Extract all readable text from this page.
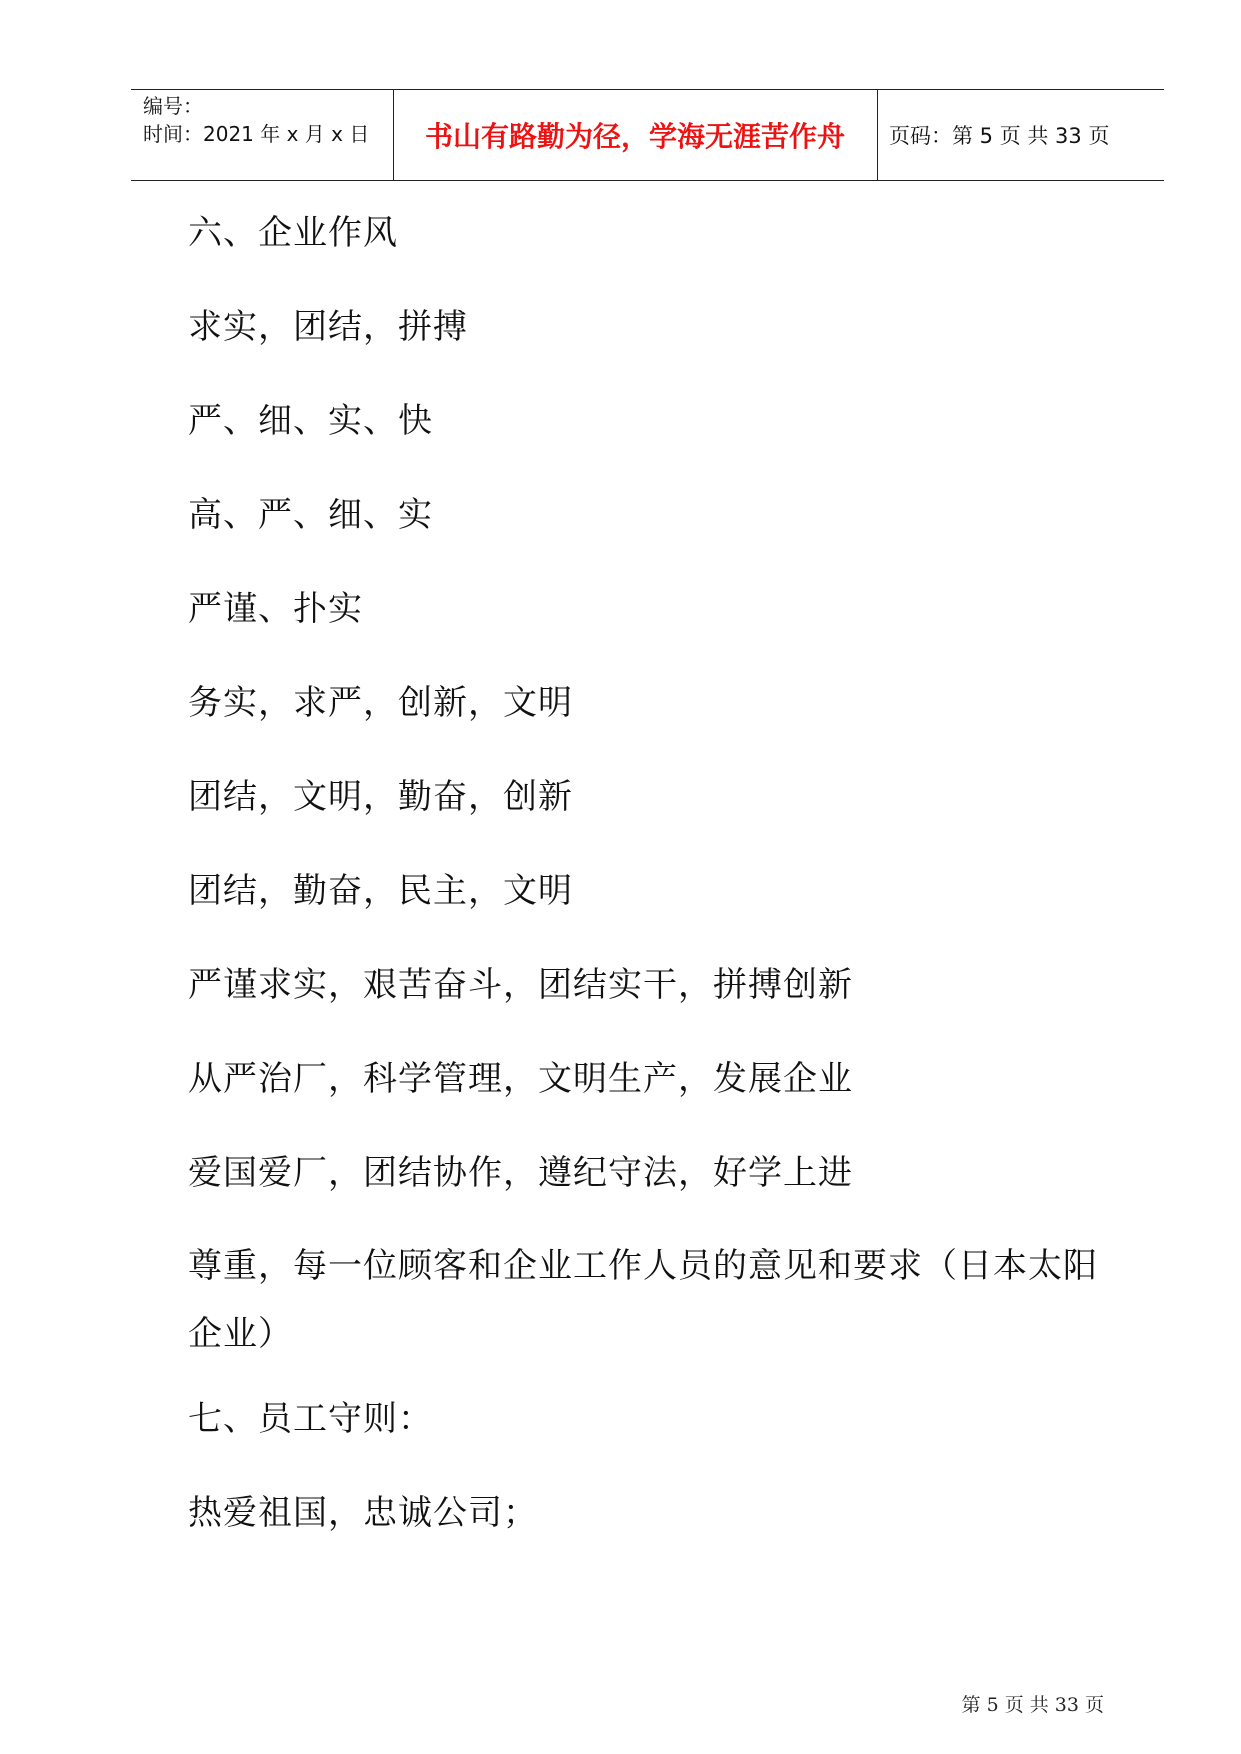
编号：
时间：2021 年 x 月 x 日	书山有路勤为径，学海无涯苦作舟	页码：第 5 页 共 33 页

六、企业作风

求实，团结，拼搏

严、细、实、快

高、严、细、实

严谨、扑实

务实，求严，创新，文明

团结，文明，勤奋，创新

团结，勤奋，民主，文明

严谨求实，艰苦奋斗，团结实干，拼搏创新

从严治厂，科学管理，文明生产，发展企业

爱国爱厂，团结协作，遵纪守法，好学上进

尊重，每一位顾客和企业工作人员的意见和要求（日本太阳企业）

七、员工守则：

热爱祖国，忠诚公司；

第 5 页 共 33 页
